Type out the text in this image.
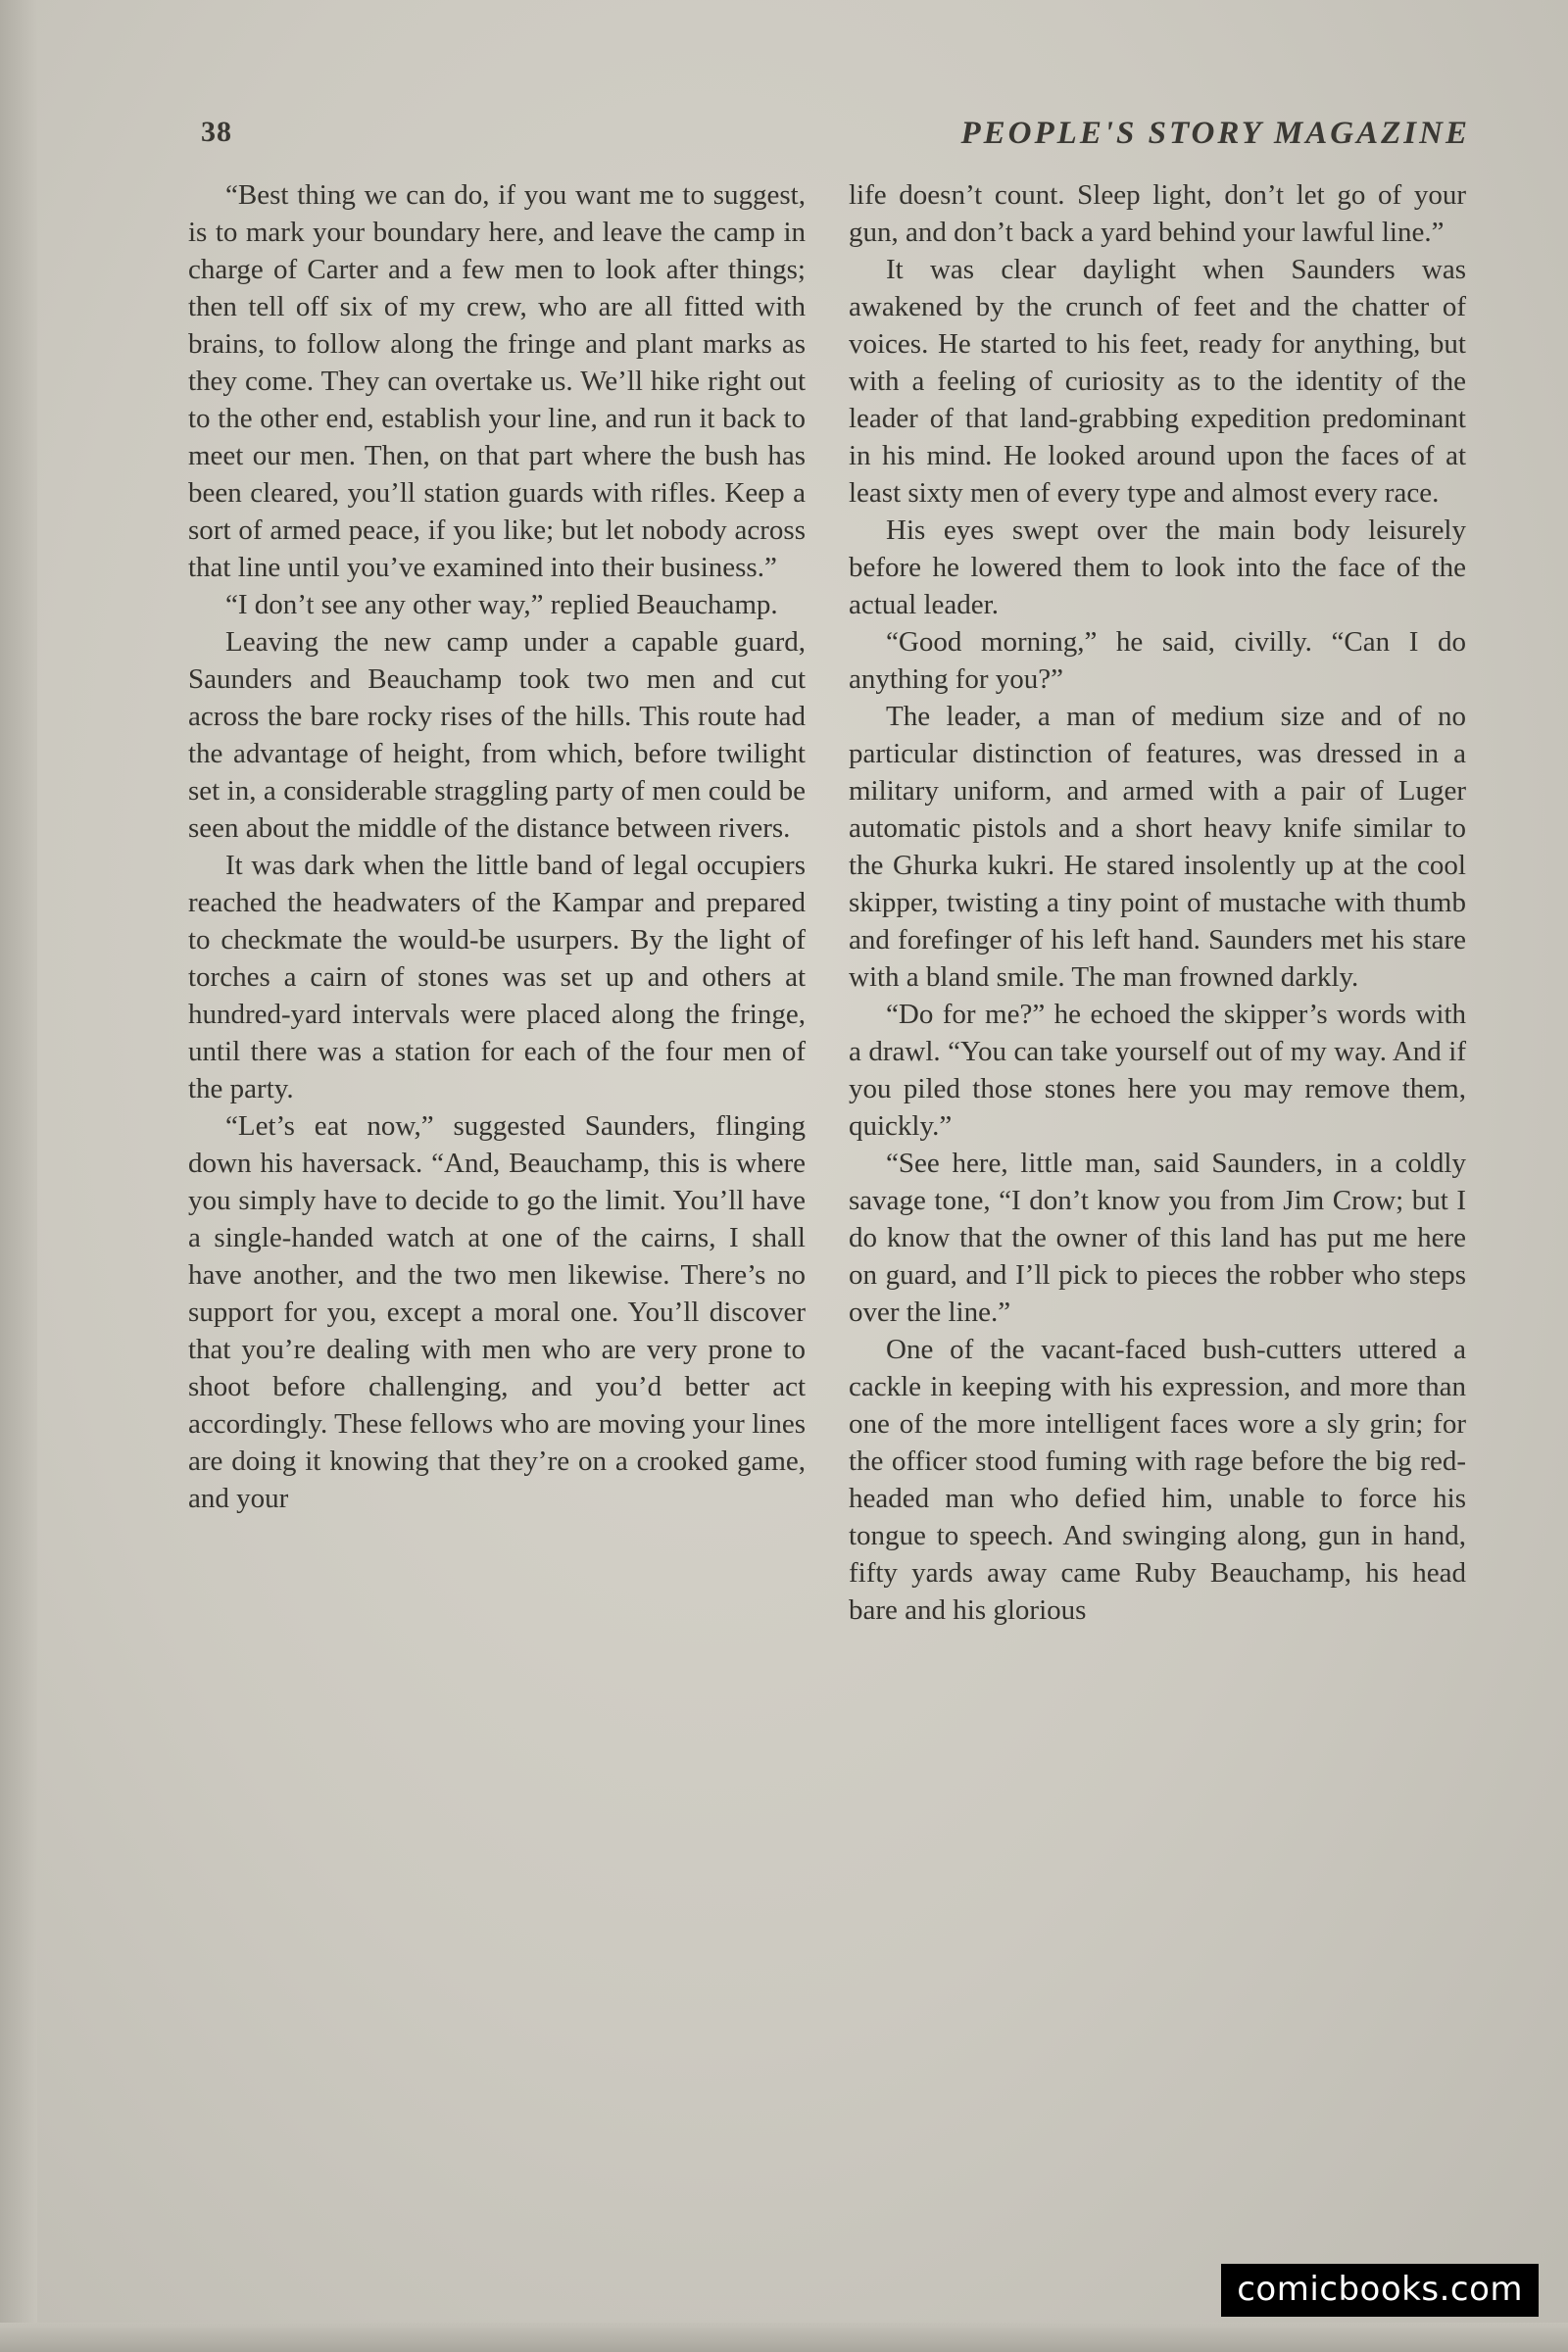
38	PEOPLE'S STORY MAGAZINE

“Best thing we can do, if you want me to suggest, is to mark your boundary here, and leave the camp in charge of Carter and a few men to look after things; then tell off six of my crew, who are all fitted with brains, to follow along the fringe and plant marks as they come. They can overtake us. We’ll hike right out to the other end, establish your line, and run it back to meet our men. Then, on that part where the bush has been cleared, you’ll station guards with rifles. Keep a sort of armed peace, if you like; but let nobody across that line until you’ve examined into their business.”

“I don’t see any other way,” replied Beauchamp.

Leaving the new camp under a capable guard, Saunders and Beauchamp took two men and cut across the bare rocky rises of the hills. This route had the advantage of height, from which, before twilight set in, a considerable straggling party of men could be seen about the middle of the distance between rivers.

It was dark when the little band of legal occupiers reached the headwaters of the Kampar and prepared to checkmate the would-be usurpers. By the light of torches a cairn of stones was set up and others at hundred-yard intervals were placed along the fringe, until there was a station for each of the four men of the party.

“Let’s eat now,” suggested Saunders, flinging down his haversack. “And, Beauchamp, this is where you simply have to decide to go the limit. You’ll have a single-handed watch at one of the cairns, I shall have another, and the two men likewise. There’s no support for you, except a moral one. You’ll discover that you’re dealing with men who are very prone to shoot before challenging, and you’d better act accordingly. These fellows who are moving your lines are doing it knowing that they’re on a crooked game, and your

life doesn’t count. Sleep light, don’t let go of your gun, and don’t back a yard behind your lawful line.”

It was clear daylight when Saunders was awakened by the crunch of feet and the chatter of voices. He started to his feet, ready for anything, but with a feeling of curiosity as to the identity of the leader of that land-grabbing expedition predominant in his mind. He looked around upon the faces of at least sixty men of every type and almost every race.

His eyes swept over the main body leisurely before he lowered them to look into the face of the actual leader.

“Good morning,” he said, civilly. “Can I do anything for you?”

The leader, a man of medium size and of no particular distinction of features, was dressed in a military uniform, and armed with a pair of Luger automatic pistols and a short heavy knife similar to the Ghurka kukri. He stared insolently up at the cool skipper, twisting a tiny point of mustache with thumb and forefinger of his left hand. Saunders met his stare with a bland smile. The man frowned darkly.

“Do for me?” he echoed the skipper’s words with a drawl. “You can take yourself out of my way. And if you piled those stones here you may remove them, quickly.”

“See here, little man, said Saunders, in a coldly savage tone, “I don’t know you from Jim Crow; but I do know that the owner of this land has put me here on guard, and I’ll pick to pieces the robber who steps over the line.”

One of the vacant-faced bush-cutters uttered a cackle in keeping with his expression, and more than one of the more intelligent faces wore a sly grin; for the officer stood fuming with rage before the big red-headed man who defied him, unable to force his tongue to speech. And swinging along, gun in hand, fifty yards away came Ruby Beauchamp, his head bare and his glorious

comicbooks.com
